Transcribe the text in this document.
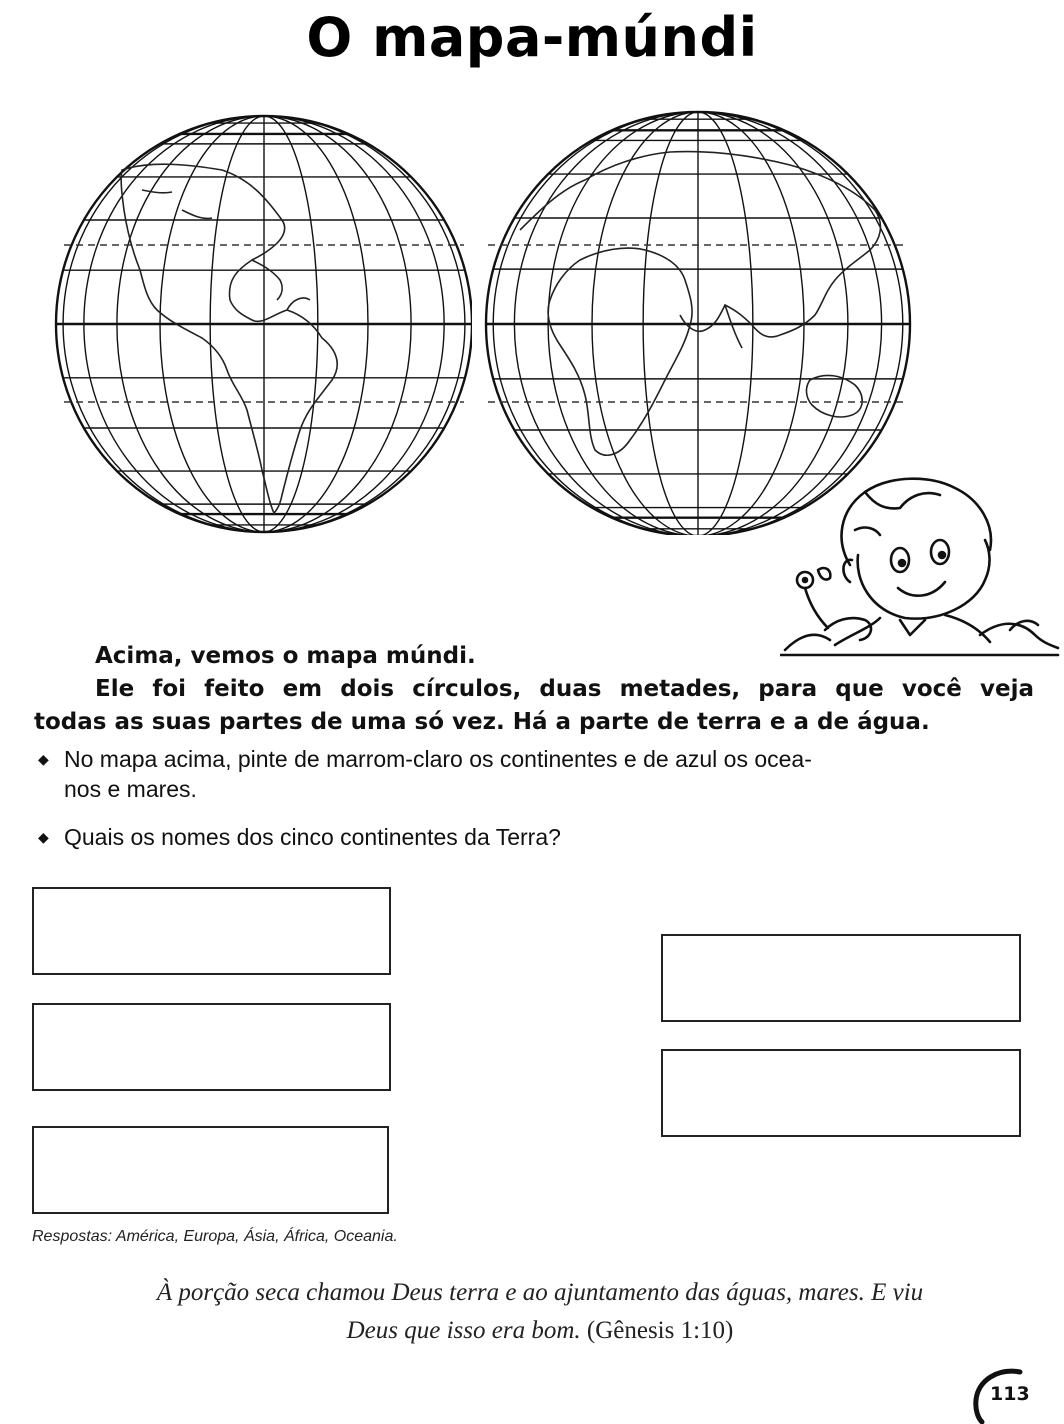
O mapa-múndi
Acima, vemos o mapa múndi.
Ele foi feito em dois círculos, duas metades, para que você veja
todas as suas partes de uma só vez. Há a parte de terra e a de água.
◆ No mapa acima, pinte de marrom-claro os continentes e de azul os ocea-
nos e mares.
◆ Quais os nomes dos cinco continentes da Terra?
Respostas: América, Europa, Ásia, África, Oceania.
À porção seca chamou Deus terra e ao ajuntamento das águas, mares. E viu
Deus que isso era bom. (Gênesis 1:10)
113
